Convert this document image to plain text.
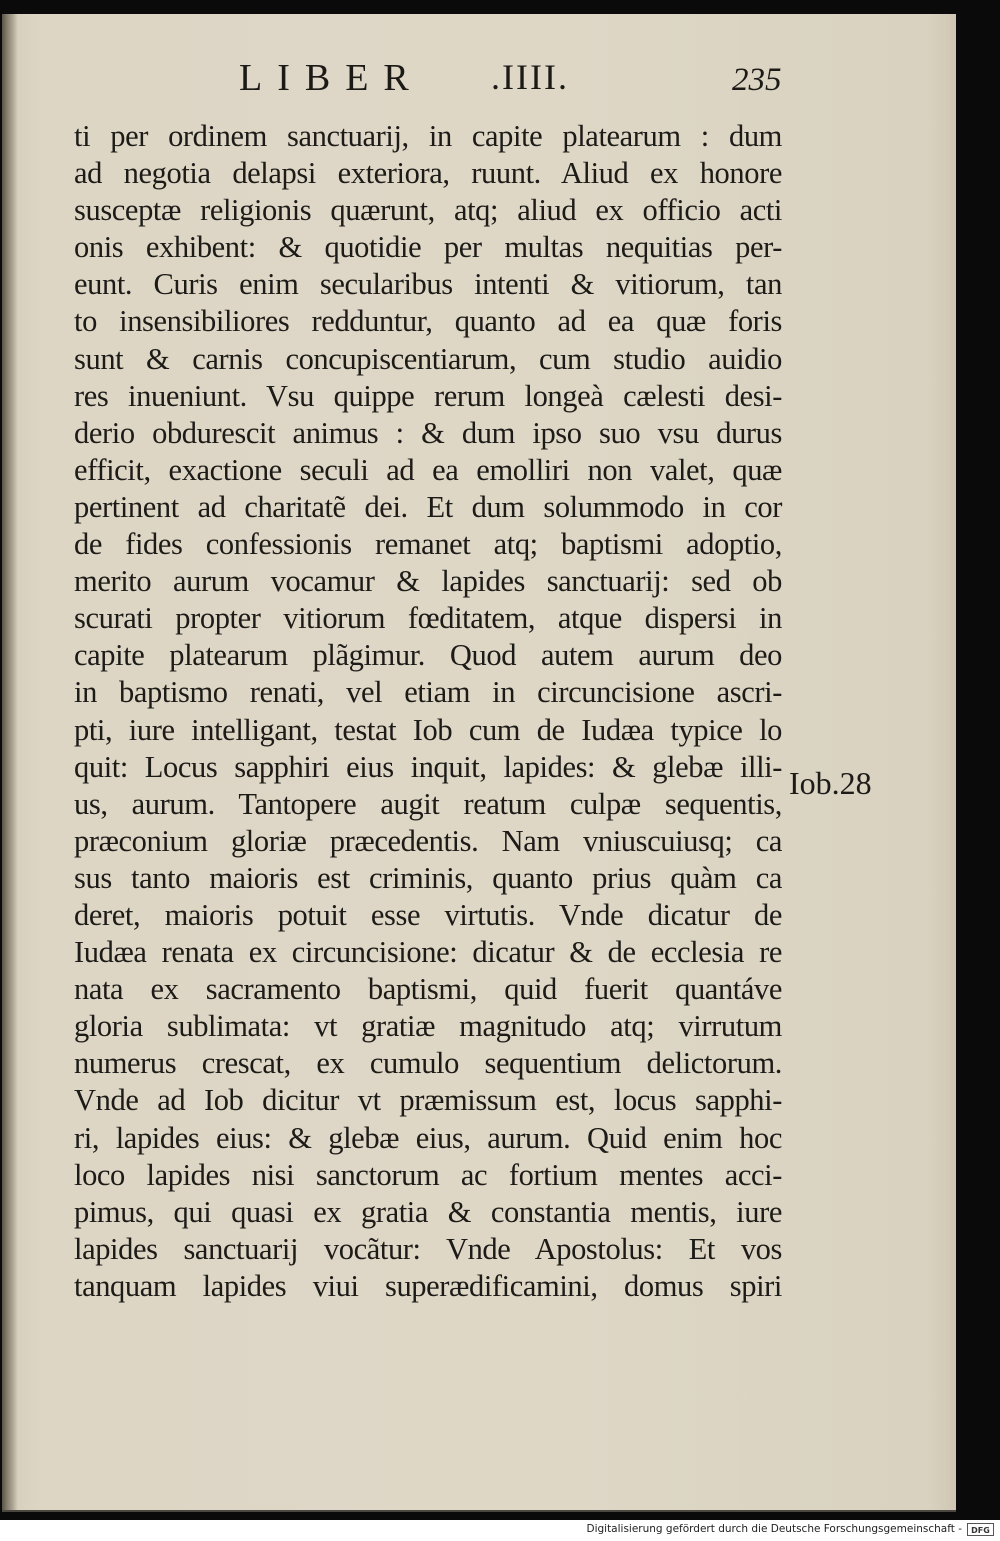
LIBER .IIII.	235
ti per ordinem sanctuarij, in capite platearum : dum
ad negotia delapsi exteriora, ruunt. Aliud ex honore
susceptæ religionis quærunt, atq; aliud ex officio acti
onis exhibent: & quotidie per multas nequitias per-
eunt. Curis enim secularibus intenti & vitiorum, tan
to insensibiliores redduntur, quanto ad ea quæ foris
sunt & carnis concupiscentiarum, cum studio auidio
res inueniunt. Vsu quippe rerum longeà cælesti desi-
derio obdurescit animus : & dum ipso suo vsu durus
efficit, exactione seculi ad ea emolliri non valet, quæ
pertinent ad charitatẽ dei. Et dum solummodo in cor
de fides confessionis remanet atq; baptismi adoptio,
merito aurum vocamur & lapides sanctuarij: sed ob
scurati propter vitiorum fœditatem, atque dispersi in
capite platearum plãgimur. Quod autem aurum deo
in baptismo renati, vel etiam in circuncisione ascri-
pti, iure intelligant, testat Iob cum de Iudæa typice lo
quit: Locus sapphiri eius inquit, lapides: & glebæ illi-
us, aurum. Tantopere augit reatum culpæ sequentis,
præconium gloriæ præcedentis. Nam vniuscuiusq; ca
sus tanto maioris est criminis, quanto prius quàm ca
deret, maioris potuit esse virtutis. Vnde dicatur de
Iudæa renata ex circuncisione: dicatur & de ecclesia re
nata ex sacramento baptismi, quid fuerit quantáve
gloria sublimata: vt gratiæ magnitudo atq; virrutum
numerus crescat, ex cumulo sequentium delictorum.
Vnde ad Iob dicitur vt præmissum est, locus sapphi-
ri, lapides eius: & glebæ eius, aurum. Quid enim hoc
loco lapides nisi sanctorum ac fortium mentes acci-
pimus, qui quasi ex gratia & constantia mentis, iure
lapides sanctuarij vocãtur: Vnde Apostolus: Et vos
tanquam lapides viui superædificamini, domus spiri
Iob.28
Digitalisierung gefördert durch die Deutsche Forschungsgemeinschaft -	DFG
